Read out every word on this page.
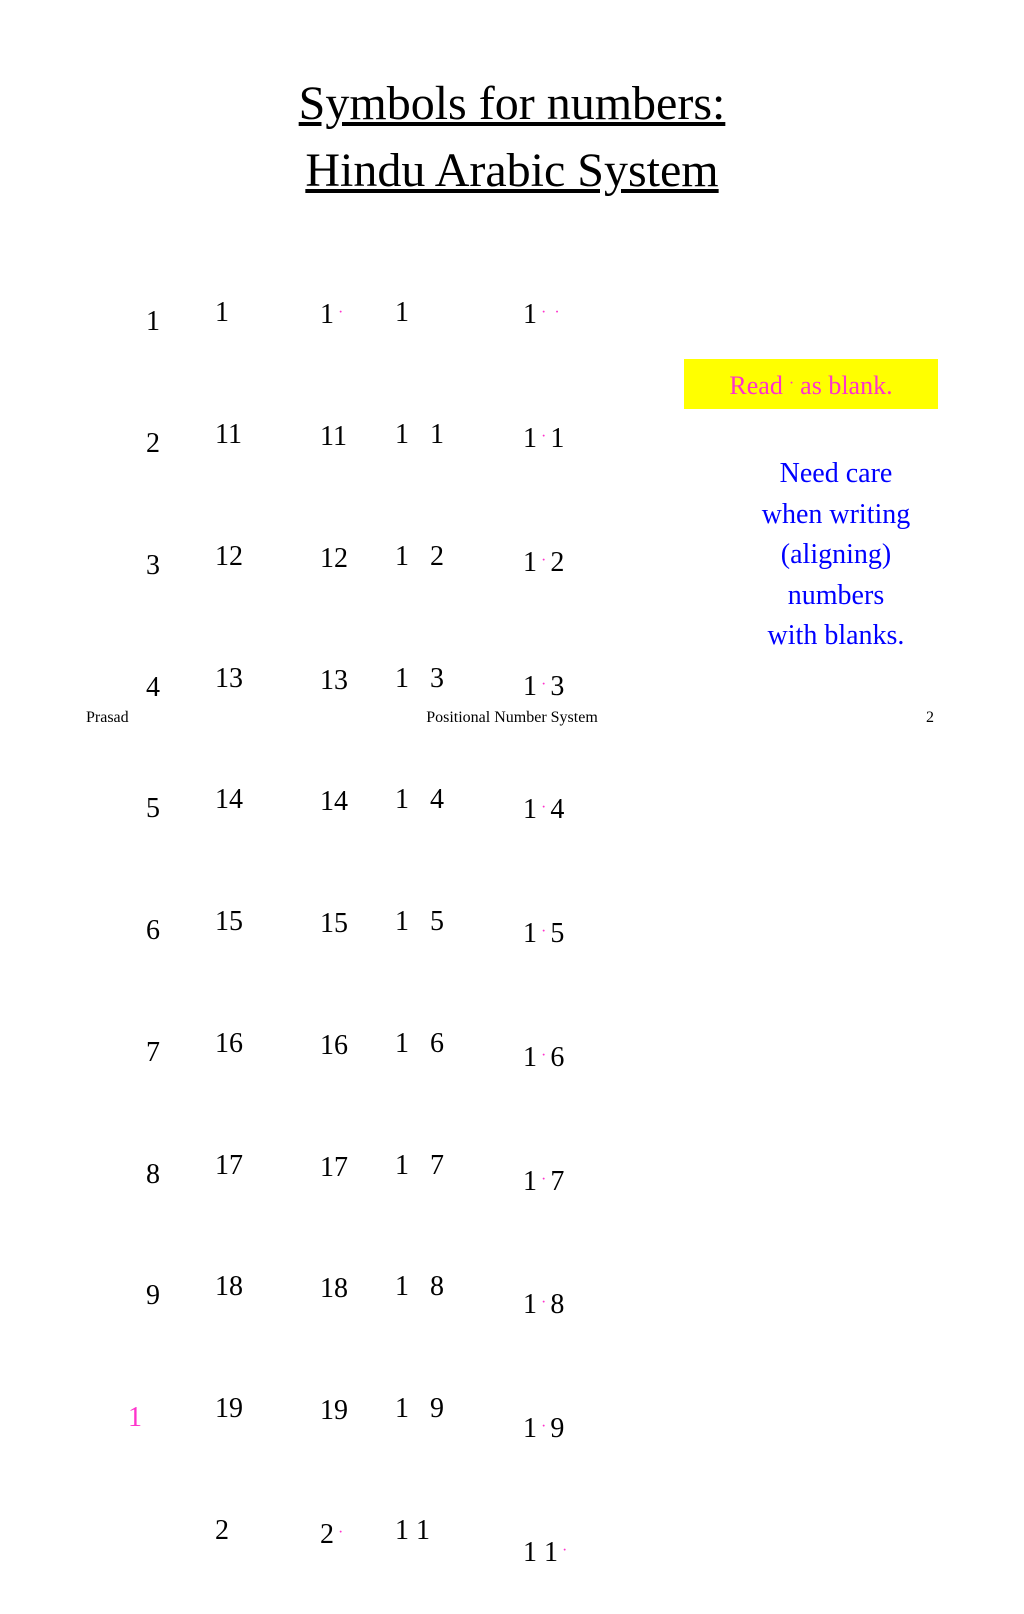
Symbols for numbers:
Hindu Arabic System

1

2

3

4

5

6

7

8

9

1

1

11

12

13

14

15

16

17

18

19

2

1 ·

11

12

13

14

15

16

17

18

19

2 ·

1

1   1

1   2

1   3

1   4

1   5

1   6

1   7

1   8

1   9

1 1

1 · ·

1 · 1

1 · 2

1 · 3

1 · 4

1 · 5

1 · 6

1 · 7

1 · 8

1 · 9

1 1 ·

Read · as blank.
Need care
when writing
(aligning)
numbers
with blanks.
Prasad	Positional Number System	2
